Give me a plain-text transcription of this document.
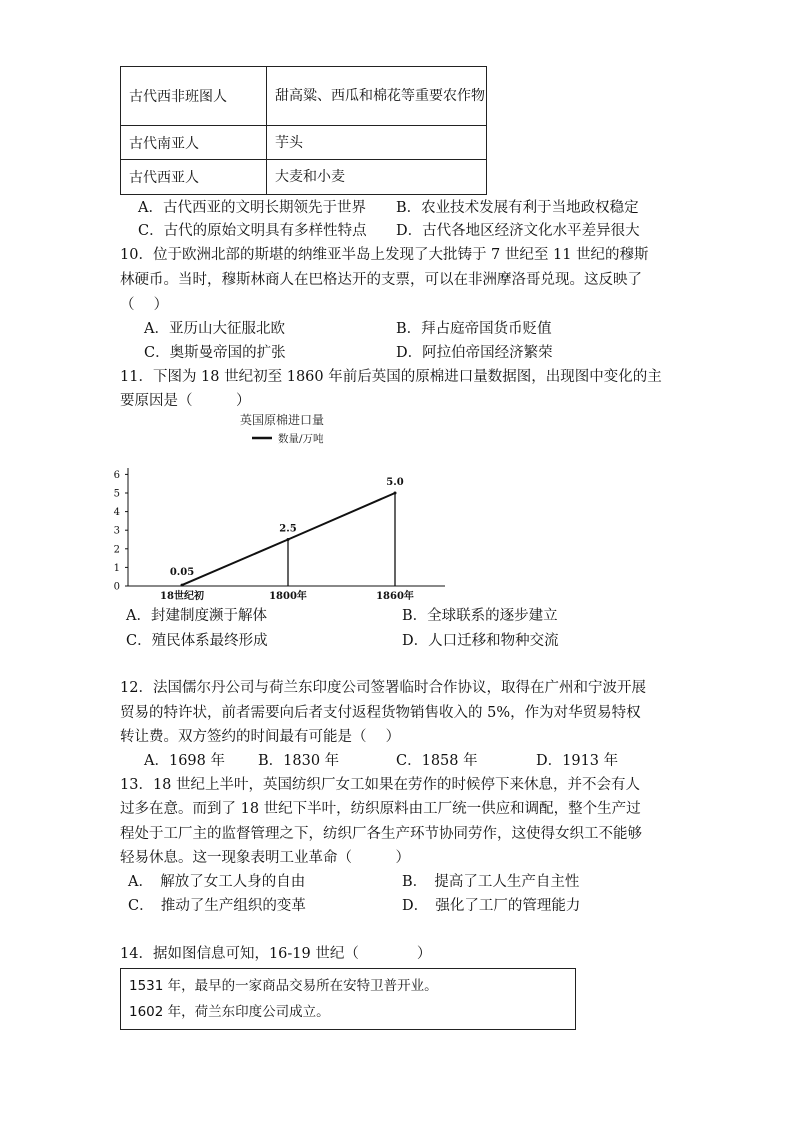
古代西非班图人	甜高粱、西瓜和棉花等重要农作物
古代南亚人	芋头
古代西亚人	大麦和小麦
A．古代西亚的文明长期领先于世界 B．农业技术发展有利于当地政权稳定
C．古代的原始文明具有多样性特点 D．古代各地区经济文化水平差异很大
10．位于欧洲北部的斯堪的纳维亚半岛上发现了大批铸于 7 世纪至 11 世纪的穆斯
林硬币。当时，穆斯林商人在巴格达开的支票，可以在非洲摩洛哥兑现。这反映了
（　 ）
A．亚历山大征服北欧	B．拜占庭帝国货币贬值
C．奥斯曼帝国的扩张	D．阿拉伯帝国经济繁荣
11．下图为 18 世纪初至 1860 年前后英国的原棉进口量数据图，出现图中变化的主
要原因是（　　　）
英国原棉进口量
数量/万吨
0
1
2
3
4
5
6
18世纪初	1800年	1860年
0.05
2.5
5.0
A．封建制度濒于解体	B．全球联系的逐步建立
C．殖民体系最终形成	D．人口迁移和物种交流
12．法国儒尔丹公司与荷兰东印度公司签署临时合作协议，取得在广州和宁波开展
贸易的特许状，前者需要向后者支付返程货物销售收入的 5%，作为对华贸易特权
转让费。双方签约的时间最有可能是（　 ）
A．1698 年 B．1830 年	C．1858 年	D．1913 年
13．18 世纪上半叶，英国纺织厂女工如果在劳作的时候停下来休息，并不会有人
过多在意。而到了 18 世纪下半叶，纺织原料由工厂统一供应和调配，整个生产过
程处于工厂主的监督管理之下，纺织厂各生产环节协同劳作，这使得女织工不能够
轻易休息。这一现象表明工业革命（　　　）
A．　解放了女工人身的自由	B．　提高了工人生产自主性
C．　推动了生产组织的变革	D．　强化了工厂的管理能力
14．据如图信息可知，16-19 世纪（　　　　）
1531 年，最早的一家商品交易所在安特卫普开业。
1602 年，荷兰东印度公司成立。
